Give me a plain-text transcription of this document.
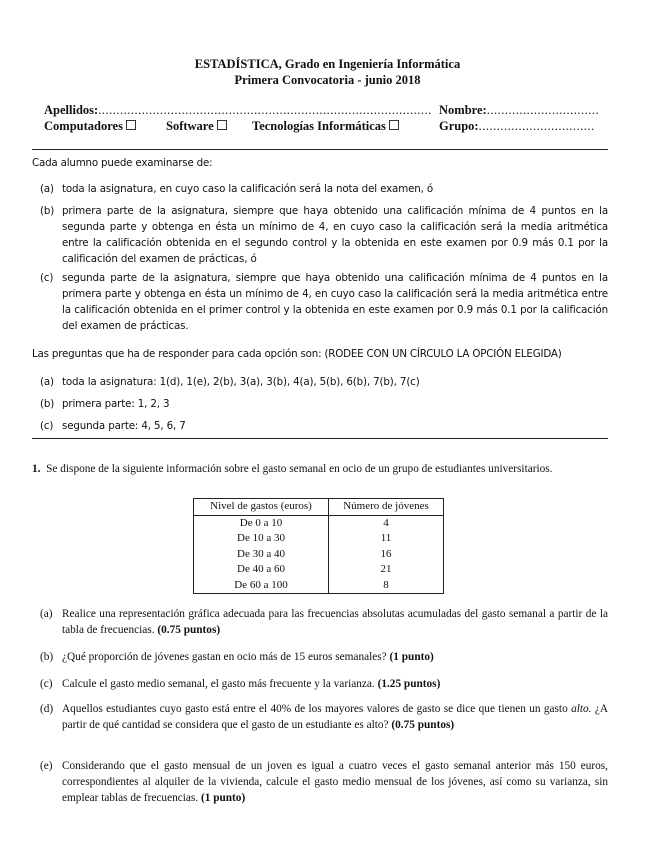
ESTADÍSTICA, Grado en Ingeniería Informática
Primera Convocatoria - junio 2018
Apellidos:............................................................................................ Nombre:...............................
Computadores	Software	Tecnologías Informáticas	Grupo:................................
Cada alumno puede examinarse de:
(a) toda la asignatura, en cuyo caso la calificación será la nota del examen, ó
(b) primera parte de la asignatura, siempre que haya obtenido una calificación mínima de 4 puntos en la segunda parte y obtenga en ésta un mínimo de 4, en cuyo caso la calificación será la media aritmética entre la calificación obtenida en el segundo control y la obtenida en este examen por 0.9 más 0.1 por la calificación del examen de prácticas, ó
(c) segunda parte de la asignatura, siempre que haya obtenido una calificación mínima de 4 puntos en la primera parte y obtenga en ésta un mínimo de 4, en cuyo caso la calificación será la media aritmética entre la calificación obtenida en el primer control y la obtenida en este examen por 0.9 más 0.1 por la calificación del examen de prácticas.
Las preguntas que ha de responder para cada opción son: (RODEE CON UN CÍRCULO LA OPCIÓN ELEGIDA)
(a) toda la asignatura: 1(d), 1(e), 2(b), 3(a), 3(b), 4(a), 5(b), 6(b), 7(b), 7(c)
(b) primera parte: 1, 2, 3
(c) segunda parte: 4, 5, 6, 7
1. Se dispone de la siguiente información sobre el gasto semanal en ocio de un grupo de estudiantes universitarios.
Nivel de gastos (euros)	Número de jóvenes
De 0 a 10	4
De 10 a 30	11
De 30 a 40	16
De 40 a 60	21
De 60 a 100	8
(a) Realice una representación gráfica adecuada para las frecuencias absolutas acumuladas del gasto semanal a partir de la tabla de frecuencias. (0.75 puntos)
(b) ¿Qué proporción de jóvenes gastan en ocio más de 15 euros semanales? (1 punto)
(c) Calcule el gasto medio semanal, el gasto más frecuente y la varianza. (1.25 puntos)
(d) Aquellos estudiantes cuyo gasto está entre el 40% de los mayores valores de gasto se dice que tienen un gasto alto. ¿A partir de qué cantidad se considera que el gasto de un estudiante es alto? (0.75 puntos)
(e) Considerando que el gasto mensual de un joven es igual a cuatro veces el gasto semanal anterior más 150 euros, correspondientes al alquiler de la vivienda, calcule el gasto medio mensual de los jóvenes, así como su varianza, sin emplear tablas de frecuencias. (1 punto)
